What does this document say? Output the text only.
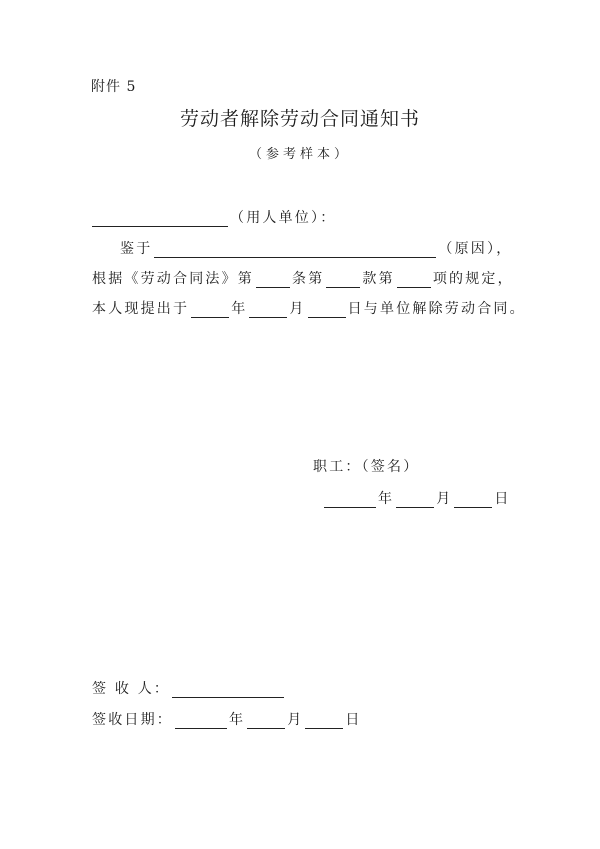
附件 5
劳动者解除劳动合同通知书
（参考样本）
（用人单位）：
鉴于	（原因），
根据《劳动合同法》第	条第	款第	项的规定，
本人现提出于	年	月	日与单位解除劳动合同。
职工：（签名）
年	月	日
签 收 人：
签收日期：	年	月	日
